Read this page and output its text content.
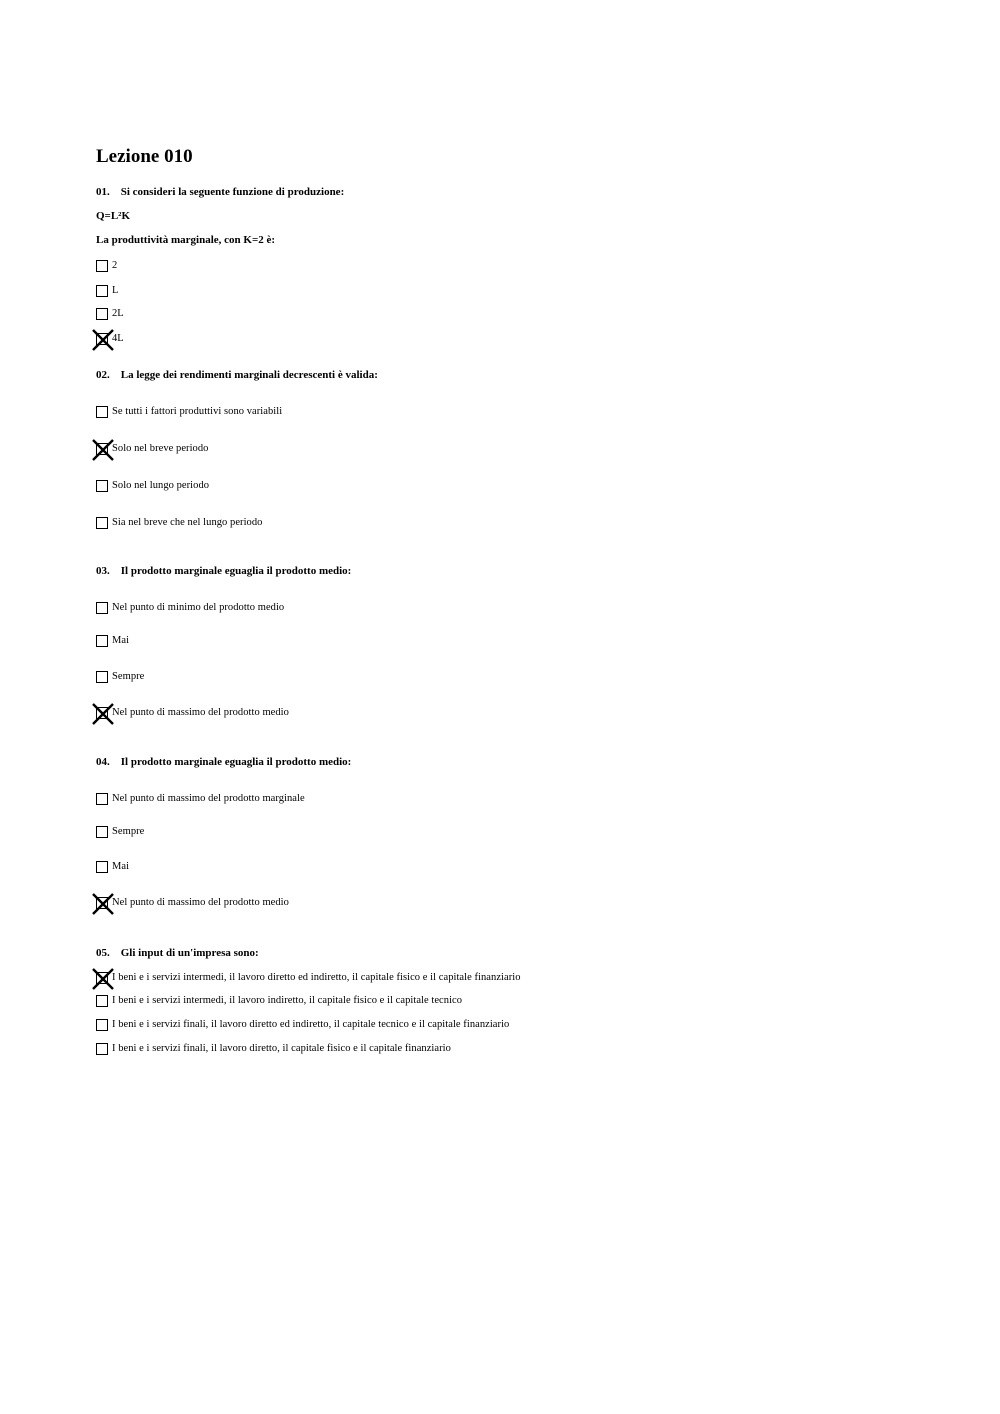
Lezione 010
01. Si consideri la seguente funzione di produzione:
Q=L²K
La produttività marginale, con K=2 è:
2
L
2L
4L
02. La legge dei rendimenti marginali decrescenti è valida:
Se tutti i fattori produttivi sono variabili
Solo nel breve periodo
Solo nel lungo periodo
Sia nel breve che nel lungo periodo
03. Il prodotto marginale eguaglia il prodotto medio:
Nel punto di minimo del prodotto medio
Mai
Sempre
Nel punto di massimo del prodotto medio
04. Il prodotto marginale eguaglia il prodotto medio:
Nel punto di massimo del prodotto marginale
Sempre
Mai
Nel punto di massimo del prodotto medio
05. Gli input di un'impresa sono:
I beni e i servizi intermedi, il lavoro diretto ed indiretto, il capitale fisico e il capitale finanziario
I beni e i servizi intermedi, il lavoro indiretto, il capitale fisico e il capitale tecnico
I beni e i servizi finali, il lavoro diretto ed indiretto, il capitale tecnico e il capitale finanziario
I beni e i servizi finali, il lavoro diretto, il capitale fisico e il capitale finanziario
